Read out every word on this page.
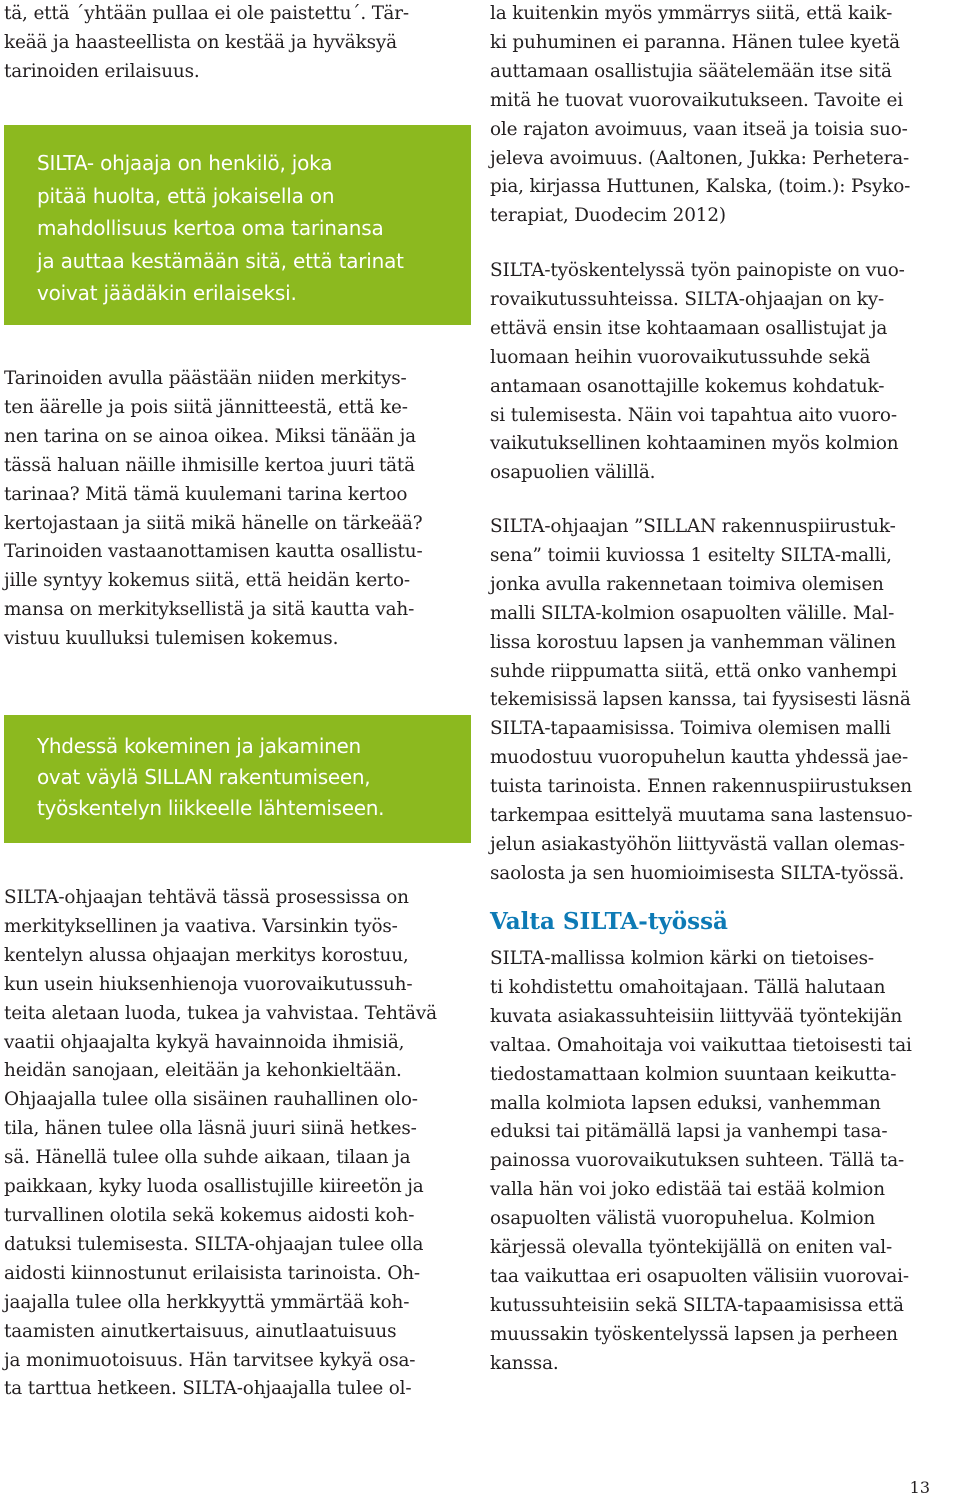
tä, että ´yhtään pullaa ei ole paistettu´. Tär-
keää ja haasteellista on kestää ja hyväksyä
tarinoiden erilaisuus.

SILTA- ohjaaja on henkilö, joka

pitää huolta, että jokaisella on

mahdollisuus kertoa oma tarinansa

ja auttaa kestämään sitä, että tarinat

voivat jäädäkin erilaiseksi.

Tarinoiden avulla päästään niiden merkitys-
ten äärelle ja pois siitä jännitteestä, että ke-
nen tarina on se ainoa oikea. Miksi tänään ja
tässä haluan näille ihmisille kertoa juuri tätä
tarinaa? Mitä tämä kuulemani tarina kertoo
kertojastaan ja siitä mikä hänelle on tärkeää?
Tarinoiden vastaanottamisen kautta osallistu-
jille syntyy kokemus siitä, että heidän kerto-
mansa on merkityksellistä ja sitä kautta vah-
vistuu kuulluksi tulemisen kokemus.

Yhdessä kokeminen ja jakaminen

ovat väylä SILLAN rakentumiseen,

työskentelyn liikkeelle lähtemiseen.

SILTA-ohjaajan tehtävä tässä prosessissa on
merkityksellinen ja vaativa. Varsinkin työs-
kentelyn alussa ohjaajan merkitys korostuu,
kun usein hiuksenhienoja vuorovaikutussuh-
teita aletaan luoda, tukea ja vahvistaa. Tehtävä
vaatii ohjaajalta kykyä havainnoida ihmisiä,
heidän sanojaan, eleitään ja kehonkieltään.
Ohjaajalla tulee olla sisäinen rauhallinen olo-
tila, hänen tulee olla läsnä juuri siinä hetkes-
sä. Hänellä tulee olla suhde aikaan, tilaan ja
paikkaan, kyky luoda osallistujille kiireetön ja
turvallinen olotila sekä kokemus aidosti koh-
datuksi tulemisesta. SILTA-ohjaajan tulee olla
aidosti kiinnostunut erilaisista tarinoista. Oh-
jaajalla tulee olla herkkyyttä ymmärtää koh-
taamisten ainutkertaisuus, ainutlaatuisuus
ja monimuotoisuus. Hän tarvitsee kykyä osa-
ta tarttua hetkeen. SILTA-ohjaajalla tulee ol-

la kuitenkin myös ymmärrys siitä, että kaik-
ki puhuminen ei paranna. Hänen tulee kyetä
auttamaan osallistujia säätelemään itse sitä
mitä he tuovat vuorovaikutukseen. Tavoite ei
ole rajaton avoimuus, vaan itseä ja toisia suo-
jeleva avoimuus. (Aaltonen, Jukka: Perhetera-
pia, kirjassa Huttunen, Kalska, (toim.): Psyko-
terapiat, Duodecim 2012)

SILTA-työskentelyssä työn painopiste on vuo-
rovaikutussuhteissa. SILTA-ohjaajan on ky-
ettävä ensin itse kohtaamaan osallistujat ja
luomaan heihin vuorovaikutussuhde sekä
antamaan osanottajille kokemus kohdatuk-
si tulemisesta. Näin voi tapahtua aito vuoro-
vaikutuksellinen kohtaaminen myös kolmion
osapuolien välillä.

SILTA-ohjaajan ”SILLAN rakennuspiirustuk-
sena” toimii kuviossa 1 esitelty SILTA-malli,
jonka avulla rakennetaan toimiva olemisen
malli SILTA-kolmion osapuolten välille. Mal-
lissa korostuu lapsen ja vanhemman välinen
suhde riippumatta siitä, että onko vanhempi
tekemisissä lapsen kanssa, tai fyysisesti läsnä
SILTA-tapaamisissa. Toimiva olemisen malli
muodostuu vuoropuhelun kautta yhdessä jae-
tuista tarinoista. Ennen rakennuspiirustuksen
tarkempaa esittelyä muutama sana lastensuo-
jelun asiakastyöhön liittyvästä vallan olemas-
saolosta ja sen huomioimisesta SILTA-työssä.

Valta SILTA-työssä

SILTA-mallissa kolmion kärki on tietoises-
ti kohdistettu omahoitajaan. Tällä halutaan
kuvata asiakassuhteisiin liittyvää työntekijän
valtaa. Omahoitaja voi vaikuttaa tietoisesti tai
tiedostamattaan kolmion suuntaan keikutta-
malla kolmiota lapsen eduksi, vanhemman
eduksi tai pitämällä lapsi ja vanhempi tasa-
painossa vuorovaikutuksen suhteen. Tällä ta-
valla hän voi joko edistää tai estää kolmion
osapuolten välistä vuoropuhelua. Kolmion
kärjessä olevalla työntekijällä on eniten val-
taa vaikuttaa eri osapuolten välisiin vuorovai-
kutussuhteisiin sekä SILTA-tapaamisissa että
muussakin työskentelyssä lapsen ja perheen
kanssa.

13
